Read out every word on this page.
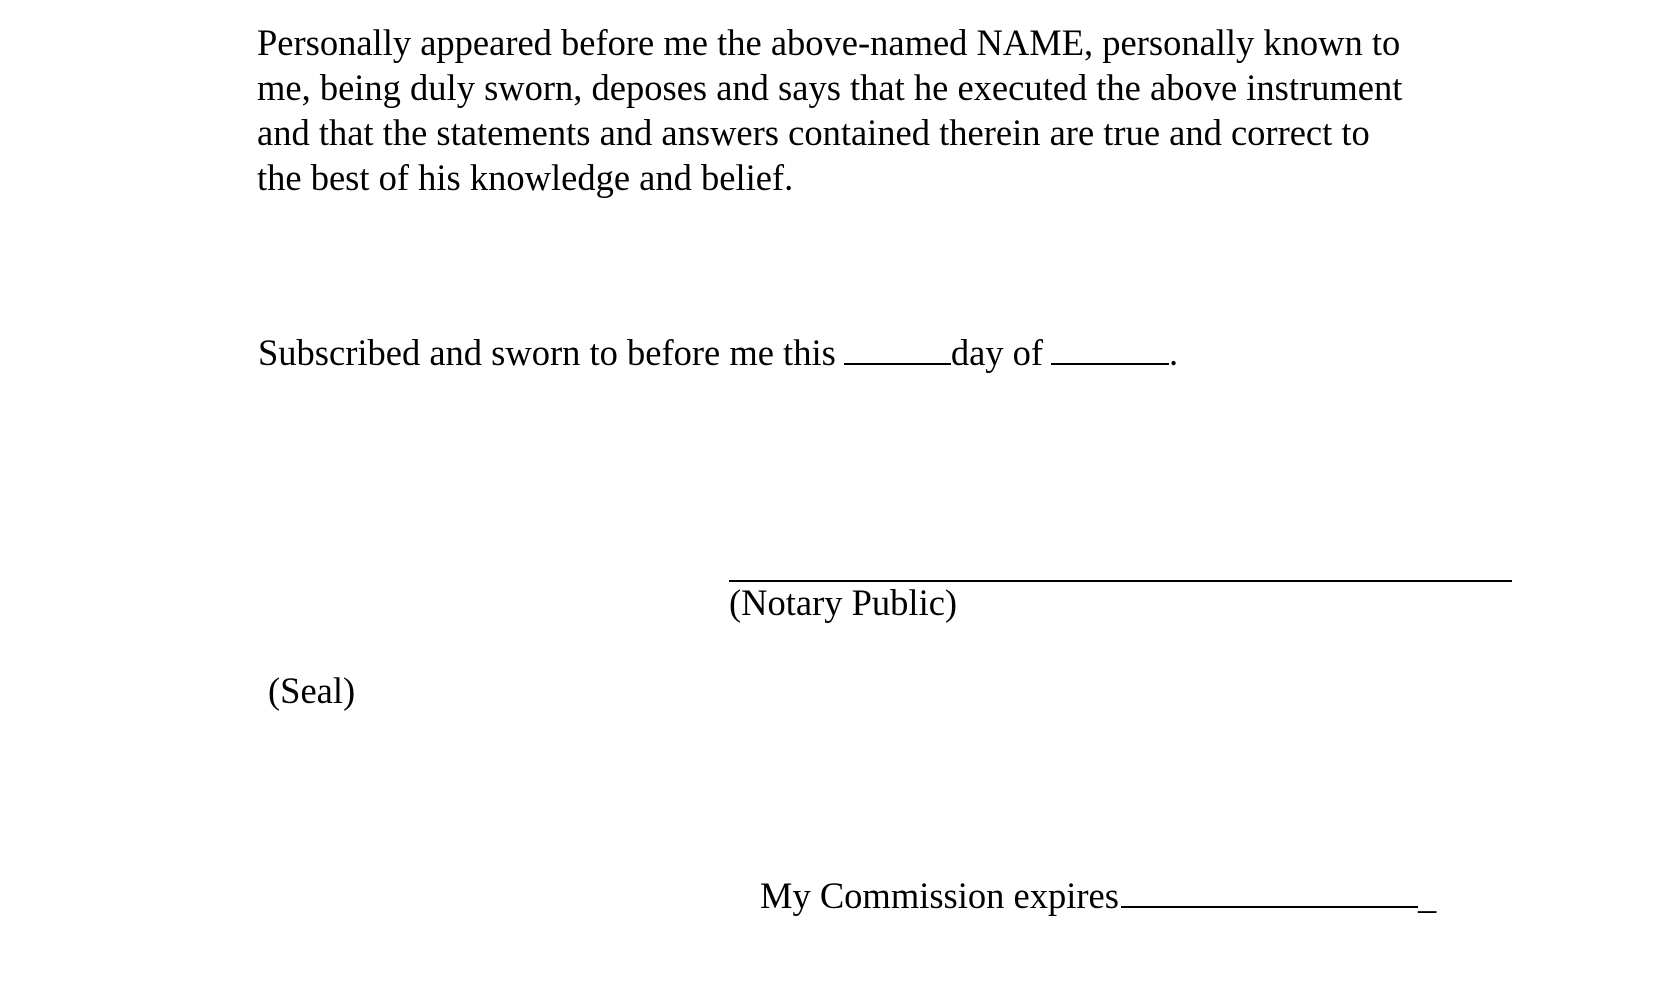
Personally appeared before me the above-named NAME, personally known to
me, being duly sworn, deposes and says that he executed the above instrument
and that the statements and answers contained therein are true and correct to
the best of his knowledge and belief.
Subscribed and sworn to before me this	day of	.
(Notary Public)
(Seal)
My Commission expires	_
